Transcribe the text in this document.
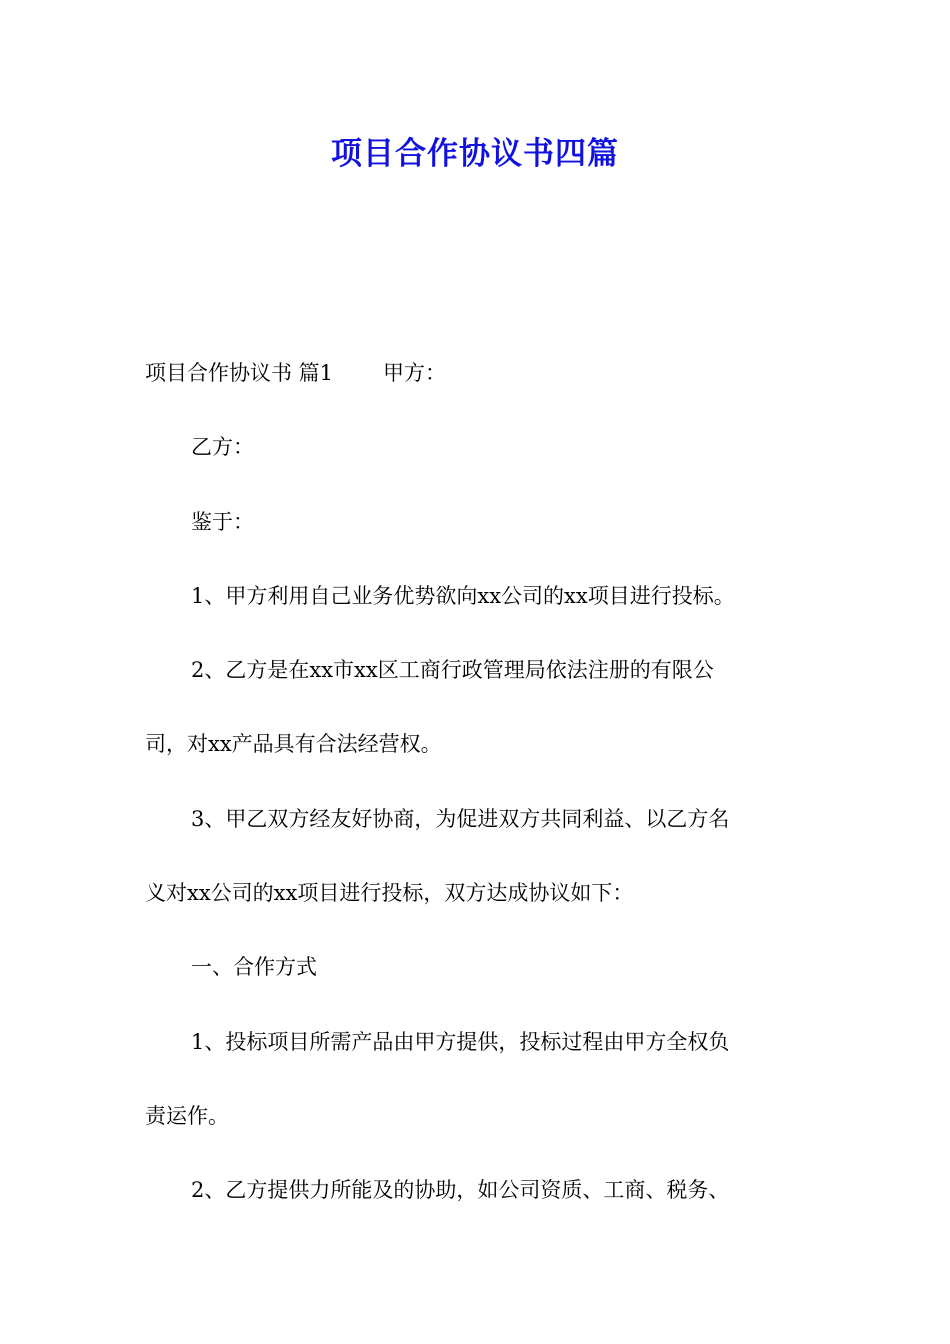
项目合作协议书四篇
项目合作协议书 篇1 甲方：
乙方：
鉴于：
1、甲方利用自己业务优势欲向xx公司的xx项目进行投标。
2、乙方是在xx市xx区工商行政管理局依法注册的有限公
司，对xx产品具有合法经营权。
3、甲乙双方经友好协商，为促进双方共同利益、以乙方名
义对xx公司的xx项目进行投标，双方达成协议如下：
一、合作方式
1、投标项目所需产品由甲方提供，投标过程由甲方全权负
责运作。
2、乙方提供力所能及的协助，如公司资质、工商、税务、
